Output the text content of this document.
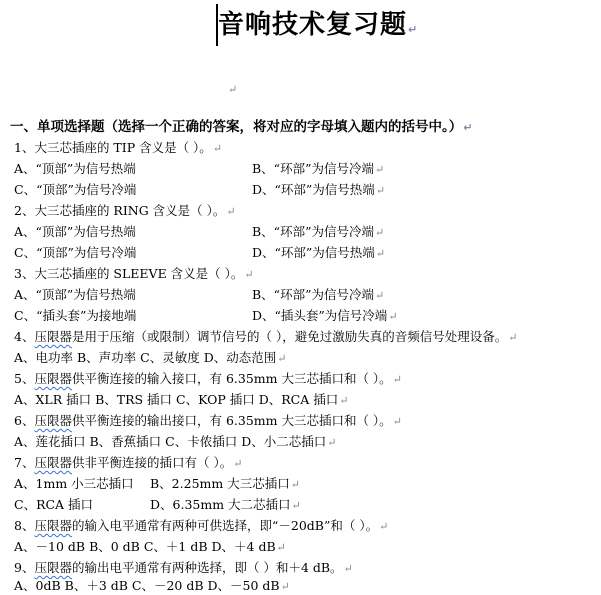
音响技术复习题↵
↵
一、单项选择题（选择一个正确的答案，将对应的字母填入题内的括号中。）↵
1、大三芯插座的 TIP 含义是（ ）。↵
A、“顶部”为信号热端	B、“环部”为信号冷端↵
C、“顶部”为信号冷端	D、“环部”为信号热端↵
2、大三芯插座的 RING 含义是（ ）。↵
A、“顶部”为信号热端	B、“环部”为信号冷端↵
C、“顶部”为信号冷端	D、“环部”为信号热端↵
3、大三芯插座的 SLEEVE 含义是（ ）。↵
A、“顶部”为信号热端	B、“环部”为信号冷端↵
C、“插头套”为接地端	D、“插头套”为信号冷端↵
4、压限器是用于压缩（或限制）调节信号的（ ），避免过激励失真的音频信号处理设备。↵
A、电功率 B、声功率 C、灵敏度 D、动态范围↵
5、压限器供平衡连接的输入接口，有 6.35mm 大三芯插口和（ ）。↵
A、XLR 插口 B、TRS 插口 C、KOP 插口 D、RCA 插口↵
6、压限器供平衡连接的输出接口，有 6.35mm 大三芯插口和（ ）。↵
A、莲花插口 B、香蕉插口 C、卡侬插口 D、小二芯插口↵
7、压限器供非平衡连接的插口有（ ）。↵
A、1mm 小三芯插口 B、2.25mm 大三芯插口↵
C、RCA 插口	D、6.35mm 大二芯插口↵
8、压限器的输入电平通常有两种可供选择，即“－20dB”和（ ）。↵
A、－10 dB B、0 dB C、＋1 dB D、＋4 dB↵
9、压限器的输出电平通常有两种选择，即（ ）和＋4 dB。↵
A、0dB B、＋3 dB C、－20 dB D、－50 dB↵
